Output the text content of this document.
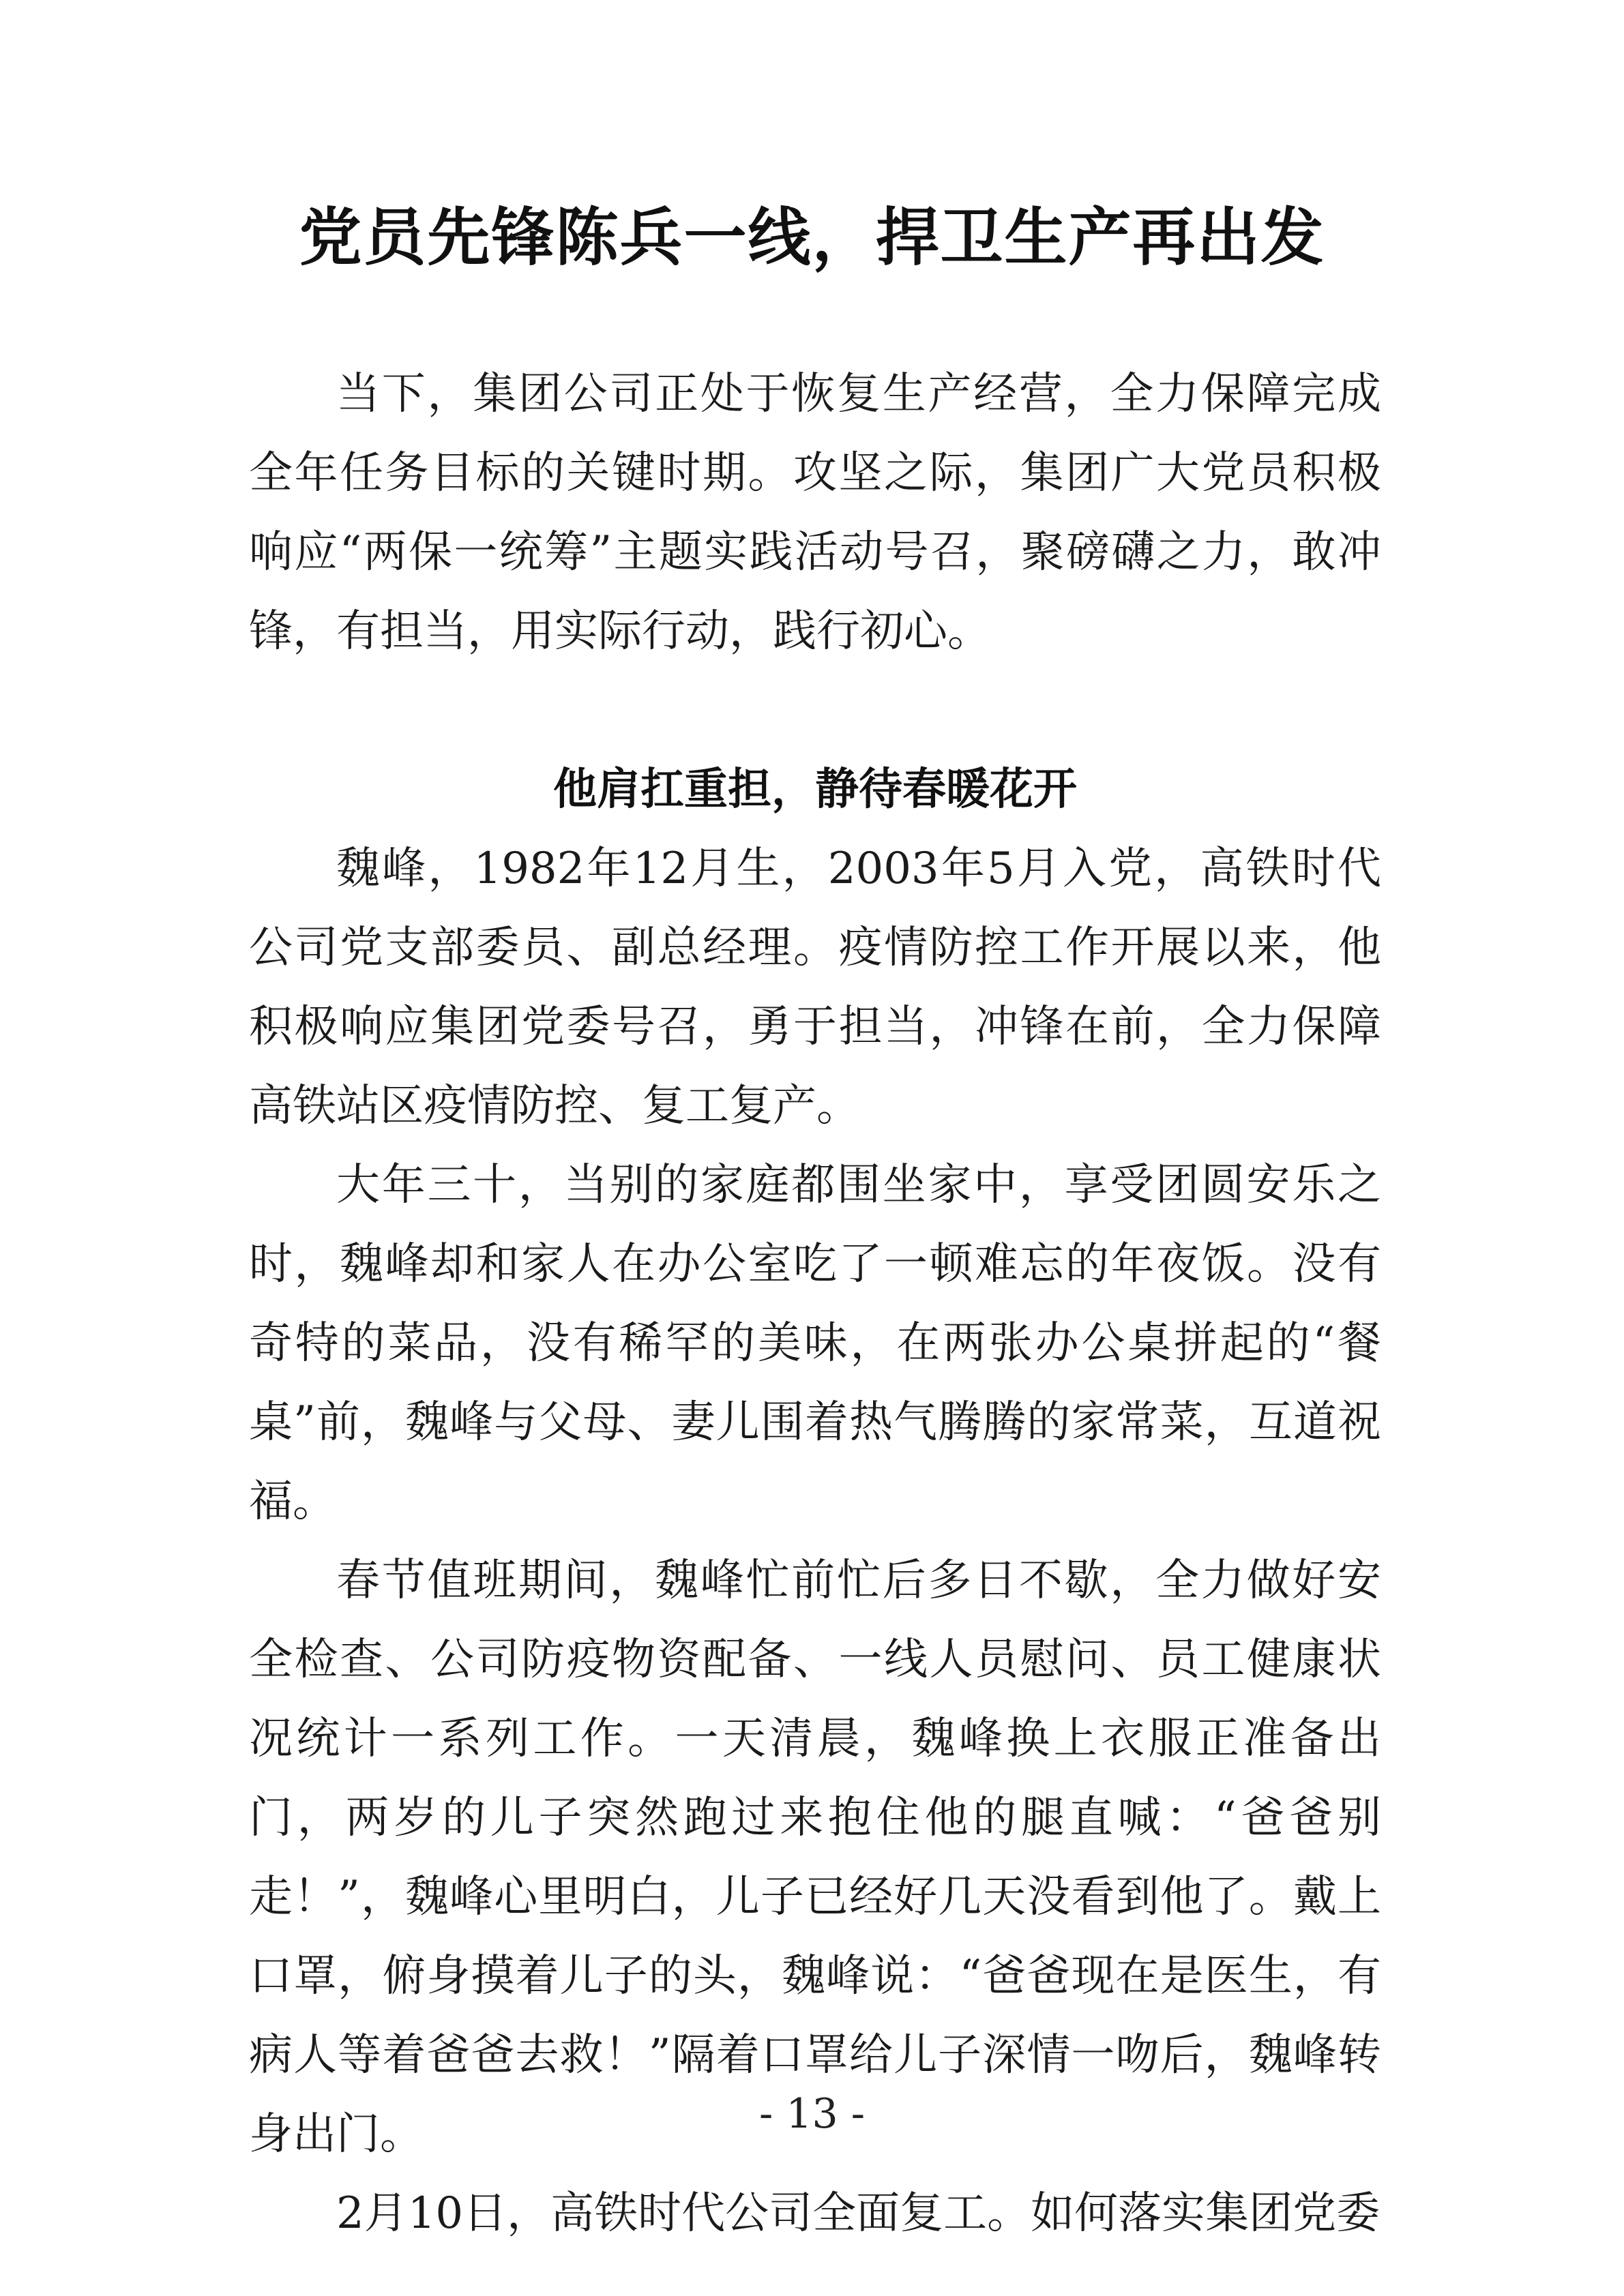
党员先锋陈兵一线，捍卫生产再出发

当下，集团公司正处于恢复生产经营，全力保障完成全年任务目标的关键时期。攻坚之际，集团广大党员积极响应“两保一统筹”主题实践活动号召，聚磅礴之力，敢冲锋，有担当，用实际行动，践行初心。

他肩扛重担，静待春暖花开

魏峰，1982年12月生，2003年5月入党，高铁时代公司党支部委员、副总经理。疫情防控工作开展以来，他积极响应集团党委号召，勇于担当，冲锋在前，全力保障高铁站区疫情防控、复工复产。

大年三十，当别的家庭都围坐家中，享受团圆安乐之时，魏峰却和家人在办公室吃了一顿难忘的年夜饭。没有奇特的菜品，没有稀罕的美味，在两张办公桌拼起的“餐桌”前，魏峰与父母、妻儿围着热气腾腾的家常菜，互道祝福。

春节值班期间，魏峰忙前忙后多日不歇，全力做好安全检查、公司防疫物资配备、一线人员慰问、员工健康状况统计一系列工作。一天清晨，魏峰换上衣服正准备出门，两岁的儿子突然跑过来抱住他的腿直喊：“爸爸别走！”，魏峰心里明白，儿子已经好几天没看到他了。戴上口罩，俯身摸着儿子的头，魏峰说：“爸爸现在是医生，有病人等着爸爸去救！”隔着口罩给儿子深情一吻后，魏峰转身出门。

2月10日，高铁时代公司全面复工。如何落实集团党委

- 13 -
